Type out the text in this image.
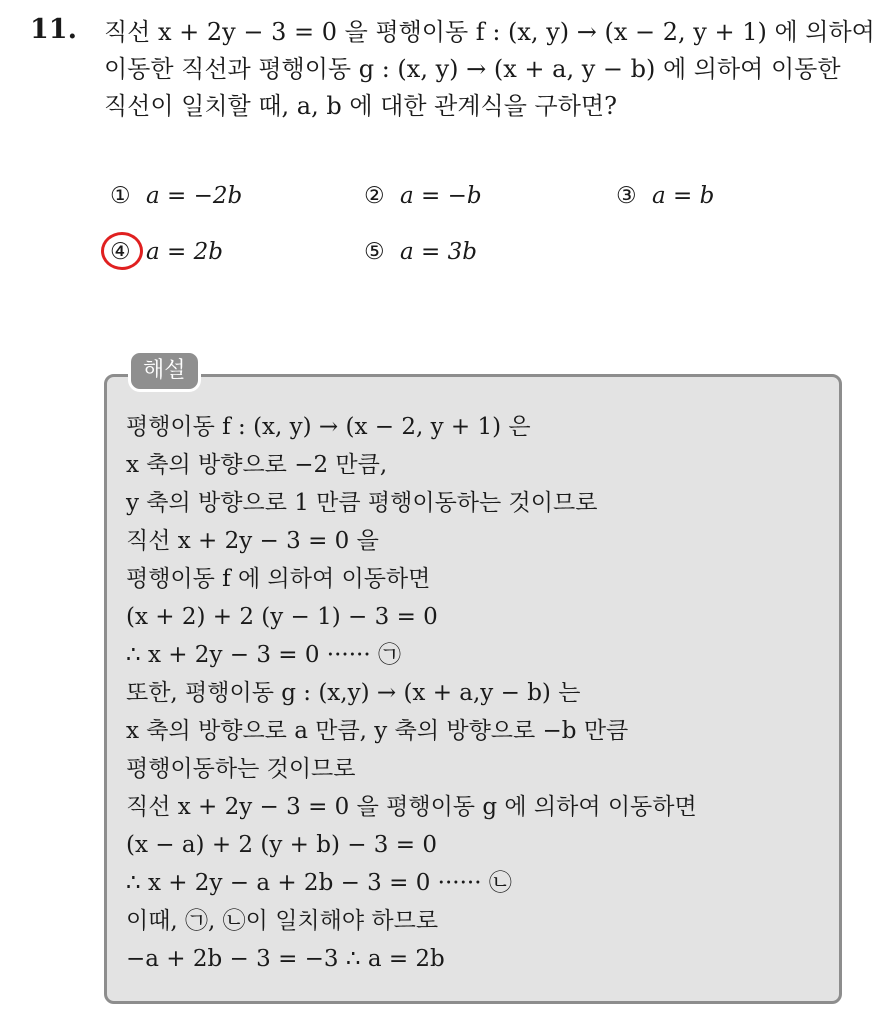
11. 직선 x + 2y − 3 = 0 을 평행이동 f : (x, y) → (x − 2, y + 1) 에 의하여
이동한 직선과 평행이동 g : (x, y) → (x + a, y − b) 에 의하여 이동한
직선이 일치할 때, a, b 에 대한 관계식을 구하면?
① a = −2b	② a = −b	③ a = b
④ a = 2b	⑤ a = 3b
해설
평행이동 f : (x, y) → (x − 2, y + 1) 은
x 축의 방향으로 −2 만큼,
y 축의 방향으로 1 만큼 평행이동하는 것이므로
직선 x + 2y − 3 = 0 을
평행이동 f 에 의하여 이동하면
(x + 2) + 2 (y − 1) − 3 = 0
∴ x + 2y − 3 = 0 ······ ㉠
또한, 평행이동 g : (x,y) → (x + a,y − b) 는
x 축의 방향으로 a 만큼, y 축의 방향으로 −b 만큼
평행이동하는 것이므로
직선 x + 2y − 3 = 0 을 평행이동 g 에 의하여 이동하면
(x − a) + 2 (y + b) − 3 = 0
∴ x + 2y − a + 2b − 3 = 0 ······ ㉡
이때, ㉠, ㉡이 일치해야 하므로
−a + 2b − 3 = −3 ∴ a = 2b
